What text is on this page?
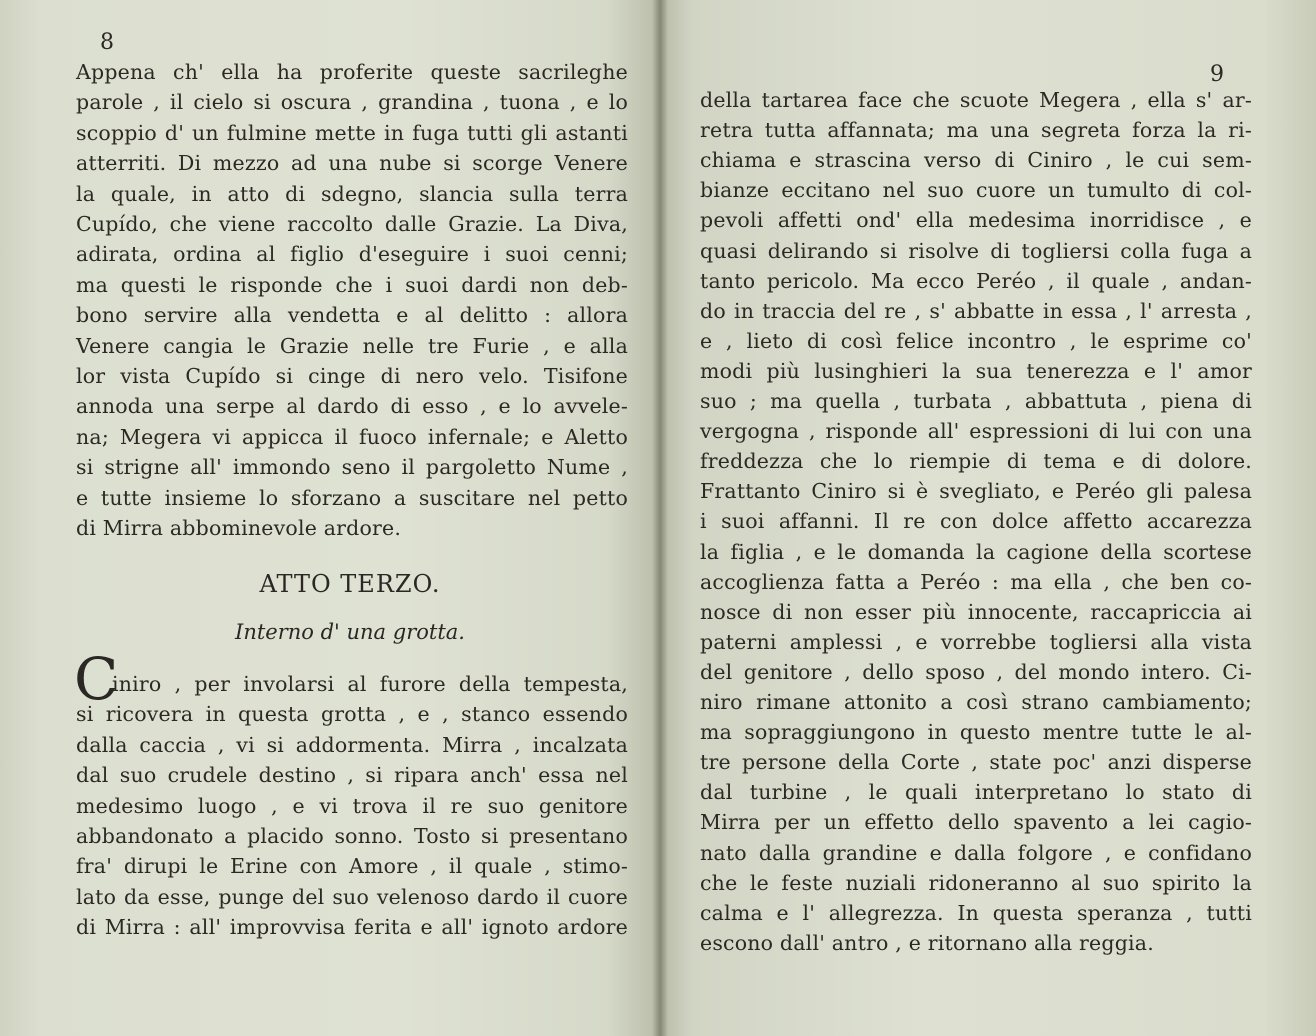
8
Appena ch' ella ha proferite queste sacrileghe
parole , il cielo si oscura , grandina , tuona , e lo
scoppio d' un fulmine mette in fuga tutti gli astanti
atterriti. Di mezzo ad una nube si scorge Venere
la quale, in atto di sdegno, slancia sulla terra
Cupído, che viene raccolto dalle Grazie. La Diva,
adirata, ordina al figlio d'eseguire i suoi cenni;
ma questi le risponde che i suoi dardi non deb-
bono servire alla vendetta e al delitto : allora
Venere cangia le Grazie nelle tre Furie , e alla
lor vista Cupído si cinge di nero velo. Tisifone
annoda una serpe al dardo di esso , e lo avvele-
na; Megera vi appicca il fuoco infernale; e Aletto
si strigne all' immondo seno il pargoletto Nume ,
e tutte insieme lo sforzano a suscitare nel petto
di Mirra abbominevole ardore.
ATTO TERZO.
Interno d' una grotta.
C
iniro , per involarsi al furore della tempesta,
si ricovera in questa grotta , e , stanco essendo
dalla caccia , vi si addormenta. Mirra , incalzata
dal suo crudele destino , si ripara anch' essa nel
medesimo luogo , e vi trova il re suo genitore
abbandonato a placido sonno. Tosto si presentano
fra' dirupi le Erine con Amore , il quale , stimo-
lato da esse, punge del suo velenoso dardo il cuore
di Mirra : all' improvvisa ferita e all' ignoto ardore
9
della tartarea face che scuote Megera , ella s' ar-
retra tutta affannata; ma una segreta forza la ri-
chiama e strascina verso di Ciniro , le cui sem-
bianze eccitano nel suo cuore un tumulto di col-
pevoli affetti ond' ella medesima inorridisce , e
quasi delirando si risolve di togliersi colla fuga a
tanto pericolo. Ma ecco Peréo , il quale , andan-
do in traccia del re , s' abbatte in essa , l' arresta ,
e , lieto di così felice incontro , le esprime co'
modi più lusinghieri la sua tenerezza e l' amor
suo ; ma quella , turbata , abbattuta , piena di
vergogna , risponde all' espressioni di lui con una
freddezza che lo riempie di tema e di dolore.
Frattanto Ciniro si è svegliato, e Peréo gli palesa
i suoi affanni. Il re con dolce affetto accarezza
la figlia , e le domanda la cagione della scortese
accoglienza fatta a Peréo : ma ella , che ben co-
nosce di non esser più innocente, raccapriccia ai
paterni amplessi , e vorrebbe togliersi alla vista
del genitore , dello sposo , del mondo intero. Ci-
niro rimane attonito a così strano cambiamento;
ma sopraggiungono in questo mentre tutte le al-
tre persone della Corte , state poc' anzi disperse
dal turbine , le quali interpretano lo stato di
Mirra per un effetto dello spavento a lei cagio-
nato dalla grandine e dalla folgore , e confidano
che le feste nuziali ridoneranno al suo spirito la
calma e l' allegrezza. In questa speranza , tutti
escono dall' antro , e ritornano alla reggia.
